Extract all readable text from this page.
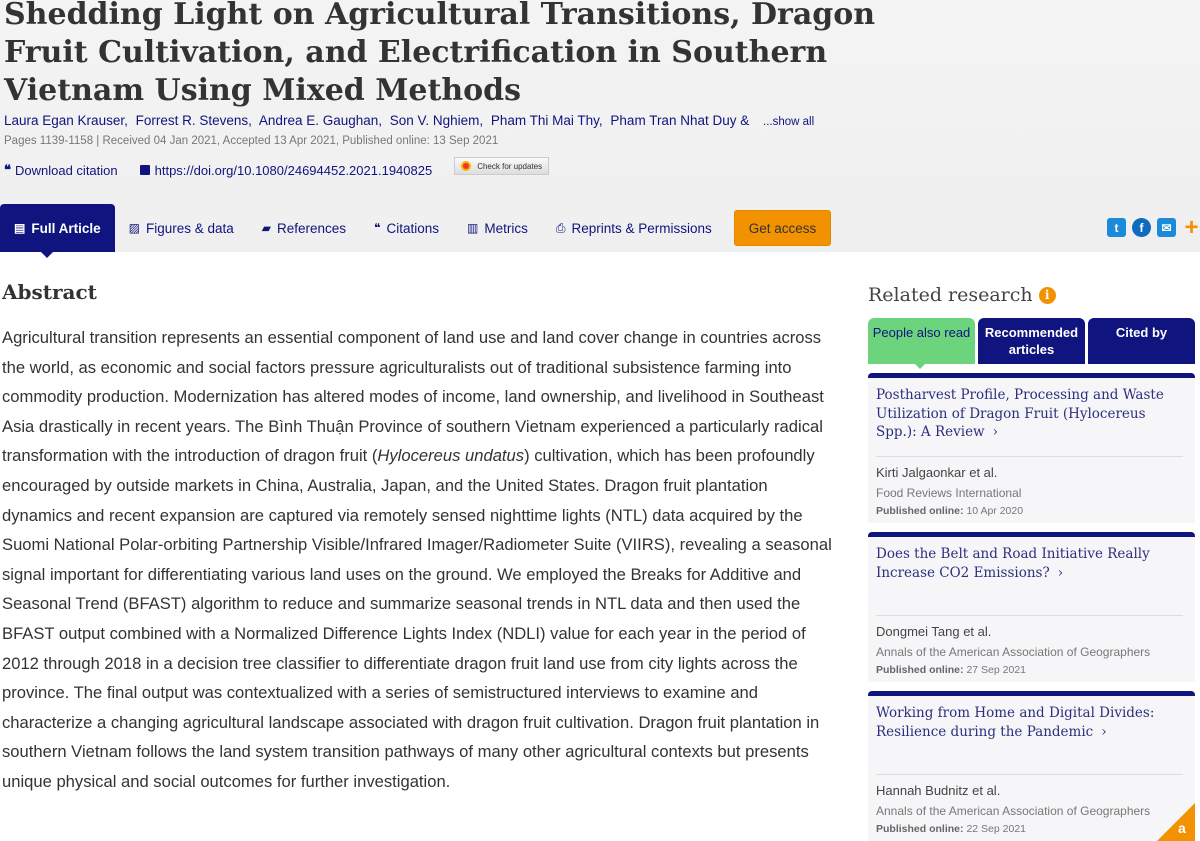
Shedding Light on Agricultural Transitions, Dragon Fruit Cultivation, and Electrification in Southern Vietnam Using Mixed Methods
Laura Egan Krauser, Forrest R. Stevens, Andrea E. Gaughan, Son V. Nghiem, Pham Thi Mai Thy, Pham Tran Nhat Duy & ...show all
Pages 1139-1158 | Received 04 Jan 2021, Accepted 13 Apr 2021, Published online: 13 Sep 2021
❝ Download citation	https://doi.org/10.1080/24694452.2021.1940825	Check for updates
▤ Full Article ▨ Figures & data ▰ References ❝ Citations ▥ Metrics ⎙ Reprints & Permissions	Get access	t	f	✉ +
Abstract

Agricultural transition represents an essential component of land use and land cover change in countries across the world, as economic and social factors pressure agriculturalists out of traditional subsistence farming into commodity production. Modernization has altered modes of income, land ownership, and livelihood in Southeast Asia drastically in recent years. The Bình Thuận Province of southern Vietnam experienced a particularly radical transformation with the introduction of dragon fruit (Hylocereus undatus) cultivation, which has been profoundly encouraged by outside markets in China, Australia, Japan, and the United States. Dragon fruit plantation dynamics and recent expansion are captured via remotely sensed nighttime lights (NTL) data acquired by the Suomi National Polar-orbiting Partnership Visible/Infrared Imager/Radiometer Suite (VIIRS), revealing a seasonal signal important for differentiating various land uses on the ground. We employed the Breaks for Additive and Seasonal Trend (BFAST) algorithm to reduce and summarize seasonal trends in NTL data and then used the BFAST output combined with a Normalized Difference Lights Index (NDLI) value for each year in the period of 2012 through 2018 in a decision tree classifier to differentiate dragon fruit land use from city lights across the province. The final output was contextualized with a series of semistructured interviews to examine and characterize a changing agricultural landscape associated with dragon fruit cultivation. Dragon fruit plantation in southern Vietnam follows the land system transition pathways of many other agricultural contexts but presents unique physical and social outcomes for further investigation.

Related research	i
People also read	Recommended articles
Cited by
Postharvest Profile, Processing and Waste Utilization of Dragon Fruit (Hylocereus Spp.): A Review ›
Kirti Jalgaonkar et al.
Food Reviews International
Published online: 10 Apr 2020
Does the Belt and Road Initiative Really Increase CO2 Emissions? ›
Dongmei Tang et al.
Annals of the American Association of Geographers
Published online: 27 Sep 2021
Working from Home and Digital Divides: Resilience during the Pandemic ›
Hannah Budnitz et al.
Annals of the American Association of Geographers
Published online: 22 Sep 2021	a
